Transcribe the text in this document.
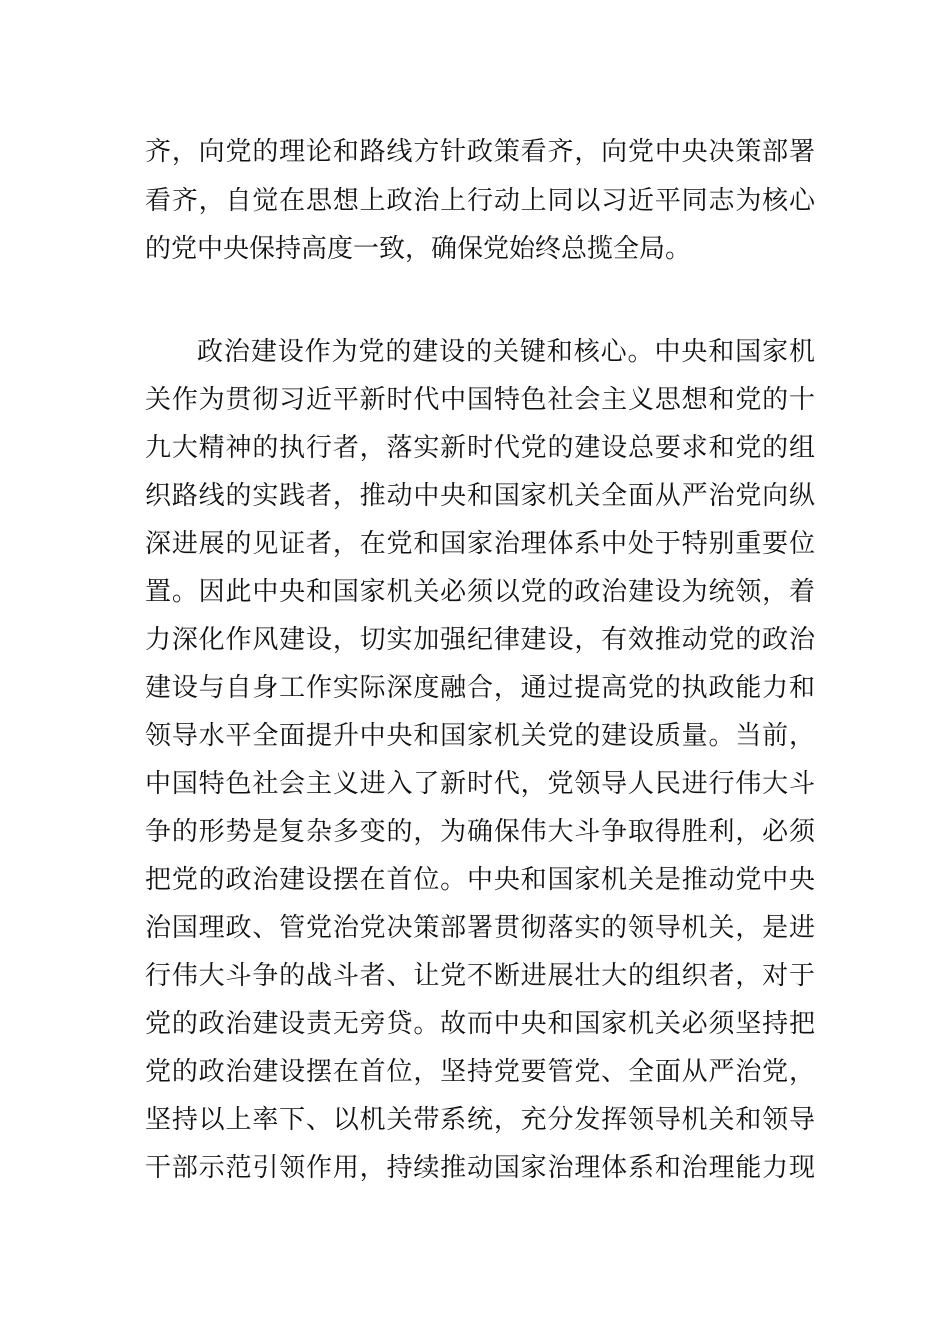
齐，向党的理论和路线方针政策看齐，向党中央决策部署
看齐，自觉在思想上政治上行动上同以习近平同志为核心
的党中央保持高度一致，确保党始终总揽全局。
政治建设作为党的建设的关键和核心。中央和国家机
关作为贯彻习近平新时代中国特色社会主义思想和党的十
九大精神的执行者，落实新时代党的建设总要求和党的组
织路线的实践者，推动中央和国家机关全面从严治党向纵
深进展的见证者，在党和国家治理体系中处于特别重要位
置。因此中央和国家机关必须以党的政治建设为统领，着
力深化作风建设，切实加强纪律建设，有效推动党的政治
建设与自身工作实际深度融合，通过提高党的执政能力和
领导水平全面提升中央和国家机关党的建设质量。当前，
中国特色社会主义进入了新时代，党领导人民进行伟大斗
争的形势是复杂多变的，为确保伟大斗争取得胜利，必须
把党的政治建设摆在首位。中央和国家机关是推动党中央
治国理政、管党治党决策部署贯彻落实的领导机关，是进
行伟大斗争的战斗者、让党不断进展壮大的组织者，对于
党的政治建设责无旁贷。故而中央和国家机关必须坚持把
党的政治建设摆在首位，坚持党要管党、全面从严治党，
坚持以上率下、以机关带系统，充分发挥领导机关和领导
干部示范引领作用，持续推动国家治理体系和治理能力现
